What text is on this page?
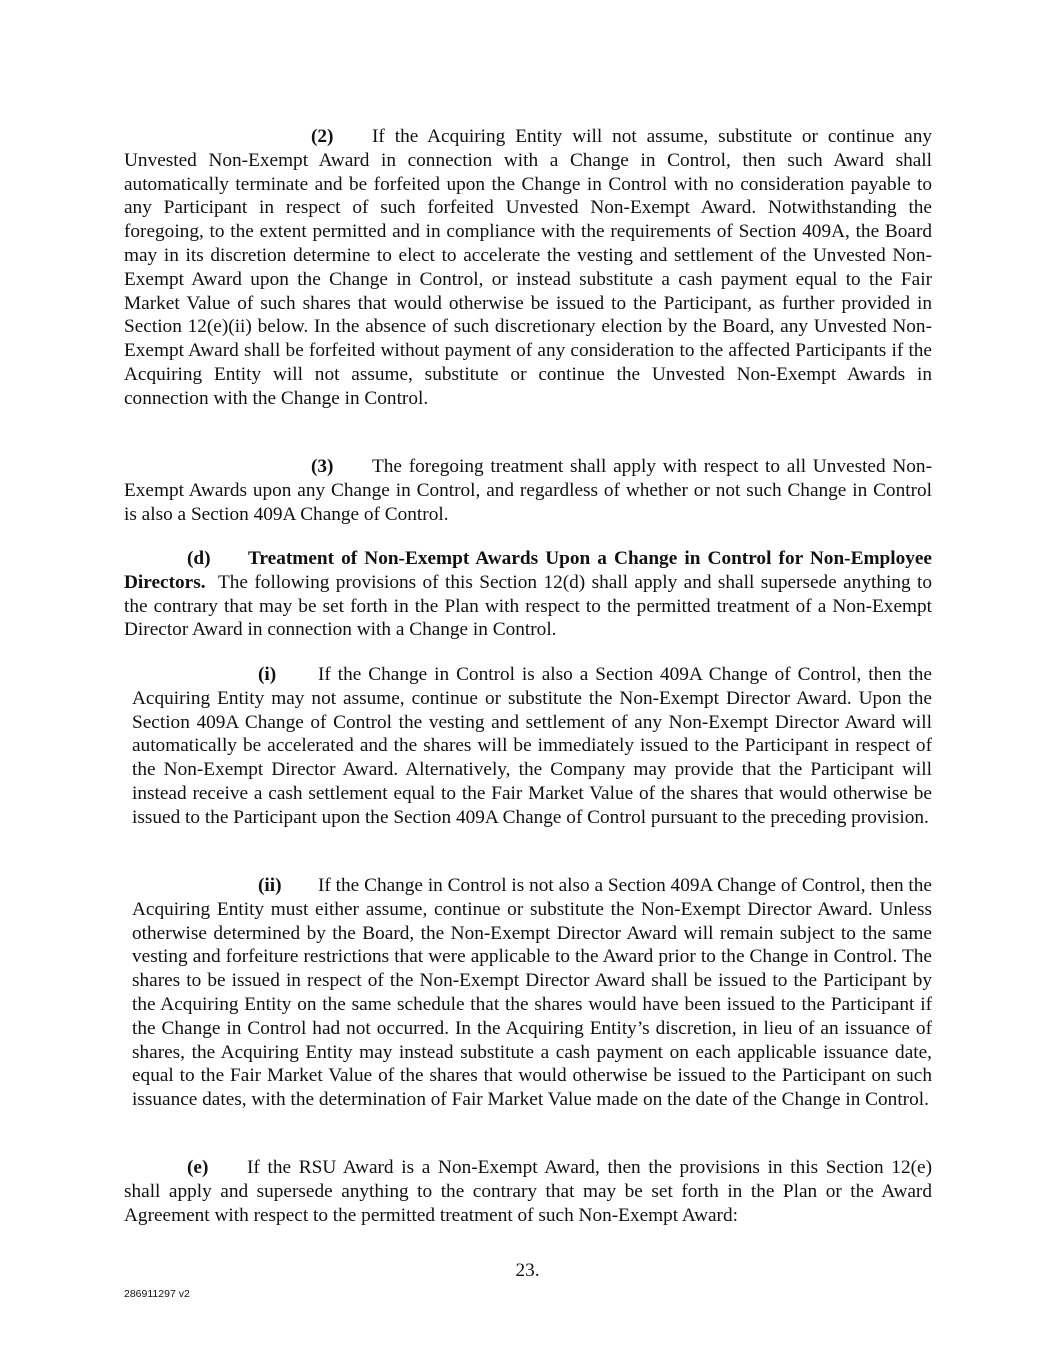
(2) If the Acquiring Entity will not assume, substitute or continue any Unvested Non-Exempt Award in connection with a Change in Control, then such Award shall automatically terminate and be forfeited upon the Change in Control with no consideration payable to any Participant in respect of such forfeited Unvested Non-Exempt Award. Notwithstanding the foregoing, to the extent permitted and in compliance with the requirements of Section 409A, the Board may in its discretion determine to elect to accelerate the vesting and settlement of the Unvested Non-Exempt Award upon the Change in Control, or instead substitute a cash payment equal to the Fair Market Value of such shares that would otherwise be issued to the Participant, as further provided in Section 12(e)(ii) below. In the absence of such discretionary election by the Board, any Unvested Non-Exempt Award shall be forfeited without payment of any consideration to the affected Participants if the Acquiring Entity will not assume, substitute or continue the Unvested Non-Exempt Awards in connection with the Change in Control.

(3) The foregoing treatment shall apply with respect to all Unvested Non-Exempt Awards upon any Change in Control, and regardless of whether or not such Change in Control is also a Section 409A Change of Control.

(d) Treatment of Non-Exempt Awards Upon a Change in Control for Non-Employee Directors. The following provisions of this Section 12(d) shall apply and shall supersede anything to the contrary that may be set forth in the Plan with respect to the permitted treatment of a Non-Exempt Director Award in connection with a Change in Control.

(i) If the Change in Control is also a Section 409A Change of Control, then the Acquiring Entity may not assume, continue or substitute the Non-Exempt Director Award. Upon the Section 409A Change of Control the vesting and settlement of any Non-Exempt Director Award will automatically be accelerated and the shares will be immediately issued to the Participant in respect of the Non-Exempt Director Award. Alternatively, the Company may provide that the Participant will instead receive a cash settlement equal to the Fair Market Value of the shares that would otherwise be issued to the Participant upon the Section 409A Change of Control pursuant to the preceding provision.

(ii) If the Change in Control is not also a Section 409A Change of Control, then the Acquiring Entity must either assume, continue or substitute the Non-Exempt Director Award. Unless otherwise determined by the Board, the Non-Exempt Director Award will remain subject to the same vesting and forfeiture restrictions that were applicable to the Award prior to the Change in Control. The shares to be issued in respect of the Non-Exempt Director Award shall be issued to the Participant by the Acquiring Entity on the same schedule that the shares would have been issued to the Participant if the Change in Control had not occurred. In the Acquiring Entity’s discretion, in lieu of an issuance of shares, the Acquiring Entity may instead substitute a cash payment on each applicable issuance date, equal to the Fair Market Value of the shares that would otherwise be issued to the Participant on such issuance dates, with the determination of Fair Market Value made on the date of the Change in Control.

(e) If the RSU Award is a Non-Exempt Award, then the provisions in this Section 12(e) shall apply and supersede anything to the contrary that may be set forth in the Plan or the Award Agreement with respect to the permitted treatment of such Non-Exempt Award:

23.
286911297 v2
